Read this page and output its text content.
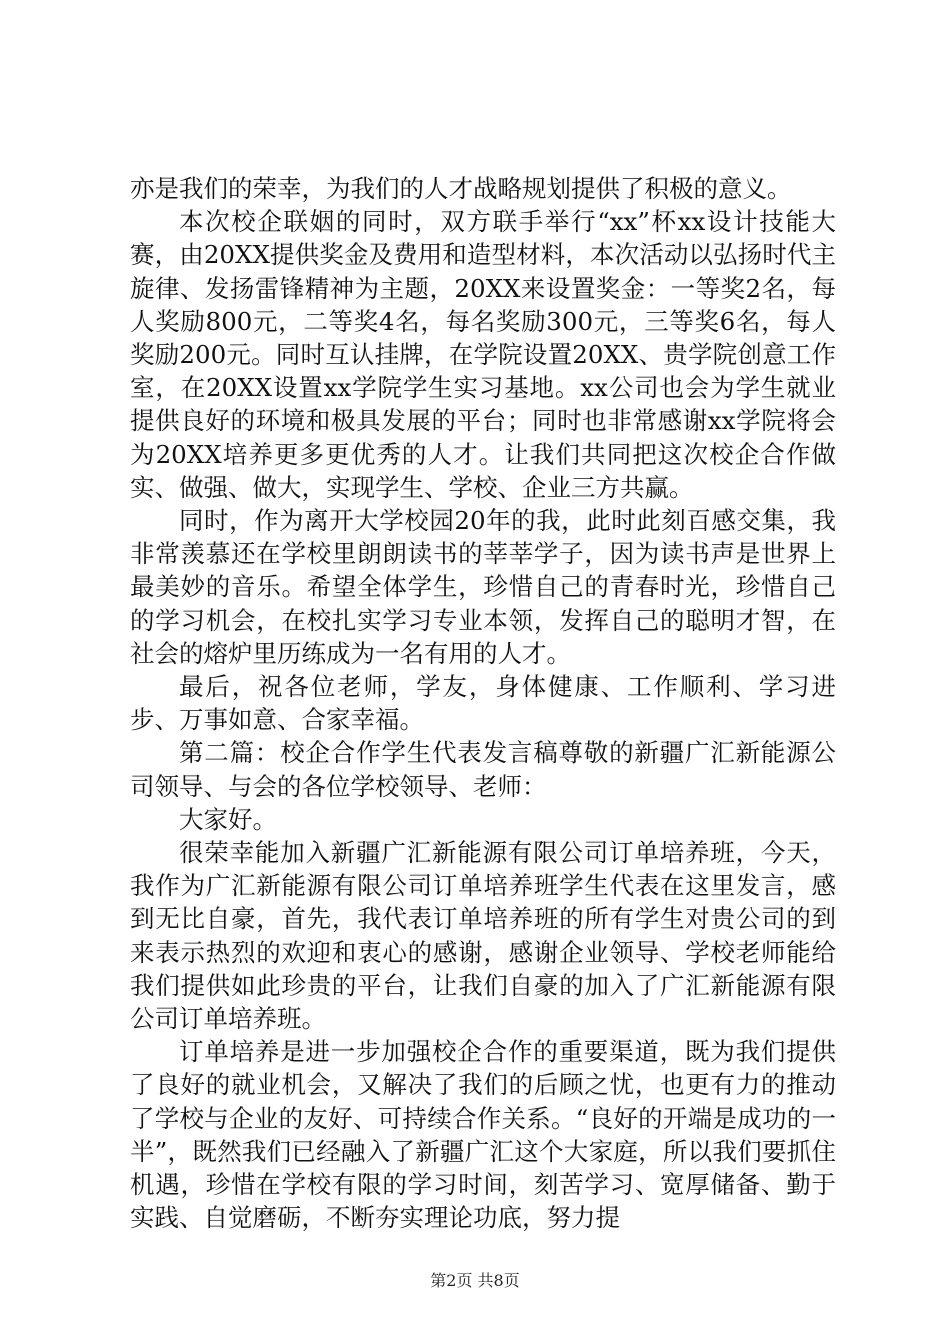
亦是我们的荣幸，为我们的人才战略规划提供了积极的意义。

本次校企联姻的同时，双方联手举行“xx”杯xx设计技能大赛，由20XX提供奖金及费用和造型材料，本次活动以弘扬时代主旋律、发扬雷锋精神为主题，20XX来设置奖金：一等奖2名，每人奖励800元，二等奖4名，每名奖励300元，三等奖6名，每人奖励200元。同时互认挂牌，在学院设置20XX、贵学院创意工作室，在20XX设置xx学院学生实习基地。xx公司也会为学生就业提供良好的环境和极具发展的平台；同时也非常感谢xx学院将会为20XX培养更多更优秀的人才。让我们共同把这次校企合作做实、做强、做大，实现学生、学校、企业三方共赢。

同时，作为离开大学校园20年的我，此时此刻百感交集，我非常羡慕还在学校里朗朗读书的莘莘学子，因为读书声是世界上最美妙的音乐。希望全体学生，珍惜自己的青春时光，珍惜自己的学习机会，在校扎实学习专业本领，发挥自己的聪明才智，在社会的熔炉里历练成为一名有用的人才。

最后，祝各位老师，学友，身体健康、工作顺利、学习进步、万事如意、合家幸福。

第二篇：校企合作学生代表发言稿尊敬的新疆广汇新能源公司领导、与会的各位学校领导、老师：

大家好。

很荣幸能加入新疆广汇新能源有限公司订单培养班，今天，我作为广汇新能源有限公司订单培养班学生代表在这里发言，感到无比自豪，首先，我代表订单培养班的所有学生对贵公司的到来表示热烈的欢迎和衷心的感谢，感谢企业领导、学校老师能给我们提供如此珍贵的平台，让我们自豪的加入了广汇新能源有限公司订单培养班。

订单培养是进一步加强校企合作的重要渠道，既为我们提供了良好的就业机会，又解决了我们的后顾之忧，也更有力的推动了学校与企业的友好、可持续合作关系。“良好的开端是成功的一半”，既然我们已经融入了新疆广汇这个大家庭，所以我们要抓住机遇，珍惜在学校有限的学习时间，刻苦学习、宽厚储备、勤于实践、自觉磨砺，不断夯实理论功底，努力提

第2页 共8页
